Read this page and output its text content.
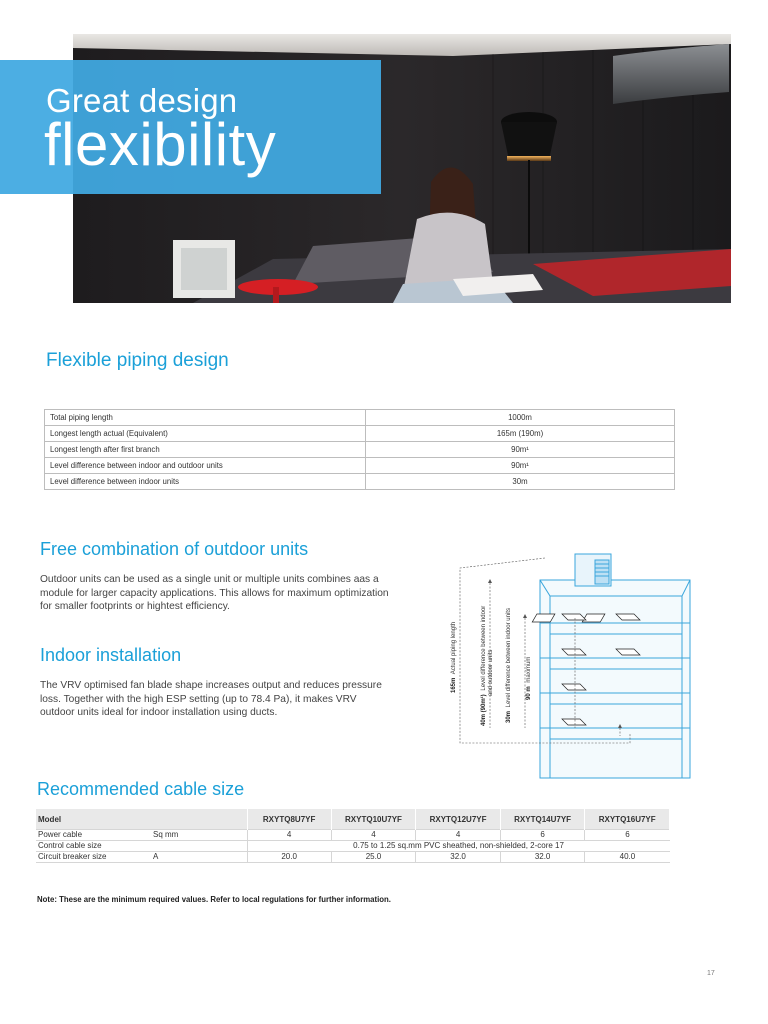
Great design
flexibility
Flexible piping design
Total piping length	1000m
Longest length actual (Equivalent)	165m (190m)
Longest length after first branch	90m¹
Level difference between indoor and outdoor units	90m¹
Level difference between indoor units	30m
Free combination of outdoor units

Outdoor units can be used as a single unit or multiple units combines aas a module for larger capacity applications. This allows for maximum optimization for smaller footprints or hightest efficiency.

Indoor installation

The VRV optimised fan blade shape increases output and reduces pressure loss. Together with the high ESP setting (up to 78.4 Pa), it makes VRV outdoor units ideal for indoor installation using ducts.

165m Actual piping length
40m (90m¹) Level difference between indoor and outdoor units
30m Level difference between indoor units 90 m maximum
Recommended cable size
Model		RXYTQ8U7YF	RXYTQ10U7YF	RXYTQ12U7YF	RXYTQ14U7YF	RXYTQ16U7YF
Power cable	Sq mm	4	4	4	6	6
Control cable size		0.75 to 1.25 sq.mm PVC sheathed, non-shielded, 2-core 17				
Circuit breaker size	A	20.0	25.0	32.0	32.0	40.0
Note: These are the minimum required values. Refer to local regulations for further information.
17
